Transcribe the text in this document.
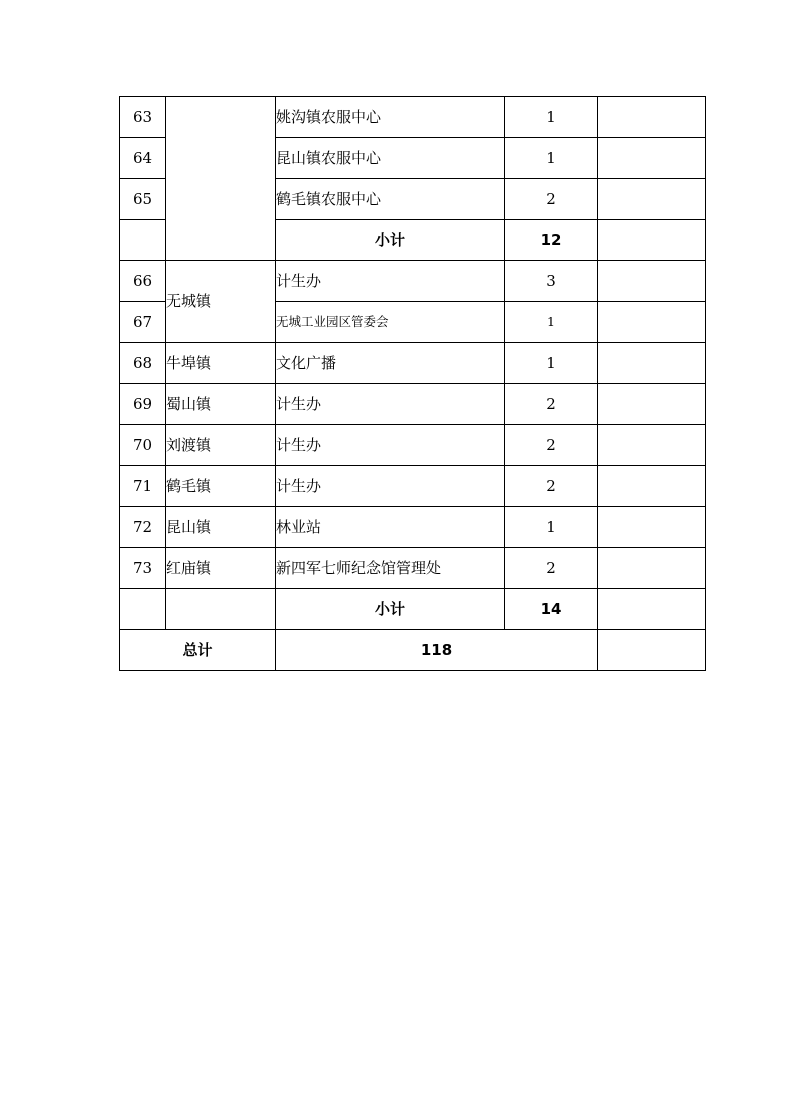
63		姚沟镇农服中心	1	
64		昆山镇农服中心	1	
65		鹤毛镇农服中心	2	
		小计	12	
66	无城镇	计生办	3	
67		无城工业园区管委会	1	
68	牛埠镇	文化广播	1	
69	蜀山镇	计生办	2	
70	刘渡镇	计生办	2	
71	鹤毛镇	计生办	2	
72	昆山镇	林业站	1	
73	红庙镇	新四军七师纪念馆管理处	2	
		小计	14	
总计		118		
